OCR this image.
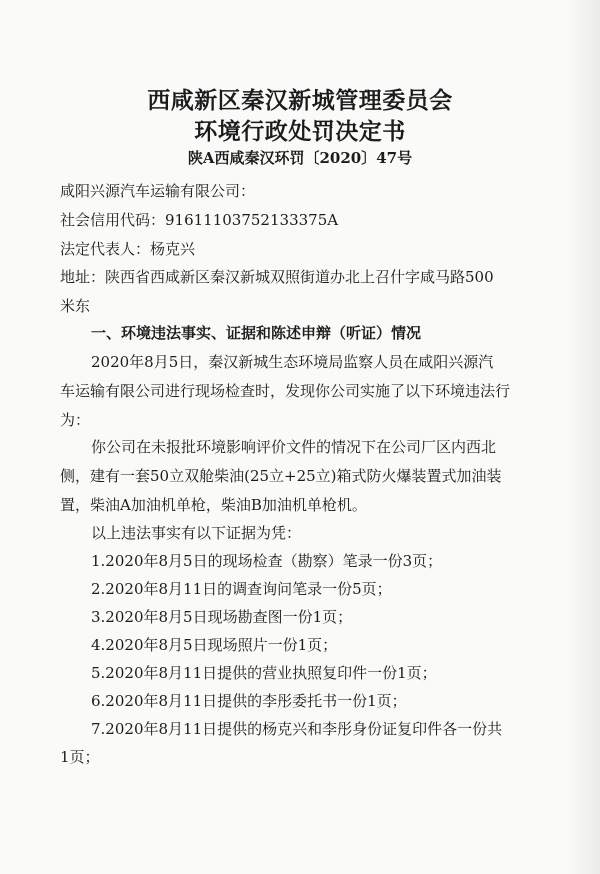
西咸新区秦汉新城管理委员会
环境行政处罚决定书
陕A西咸秦汉环罚〔2020〕47号
咸阳兴源汽车运输有限公司：
社会信用代码：91611103752133375A
法定代表人：杨克兴
地址：陕西省西咸新区秦汉新城双照街道办北上召什字咸马路500
米东
一、环境违法事实、证据和陈述申辩（听证）情况
2020年8月5日，秦汉新城生态环境局监察人员在咸阳兴源汽
车运输有限公司进行现场检查时，发现你公司实施了以下环境违法行
为：
你公司在未报批环境影响评价文件的情况下在公司厂区内西北
侧，建有一套50立双舱柴油(25立+25立)箱式防火爆装置式加油装
置，柴油A加油机单枪，柴油B加油机单枪机。
以上违法事实有以下证据为凭：
1.2020年8月5日的现场检查（勘察）笔录一份3页；
2.2020年8月11日的调查询问笔录一份5页；
3.2020年8月5日现场勘查图一份1页；
4.2020年8月5日现场照片一份1页；
5.2020年8月11日提供的营业执照复印件一份1页；
6.2020年8月11日提供的李彤委托书一份1页；
7.2020年8月11日提供的杨克兴和李彤身份证复印件各一份共
1页；
